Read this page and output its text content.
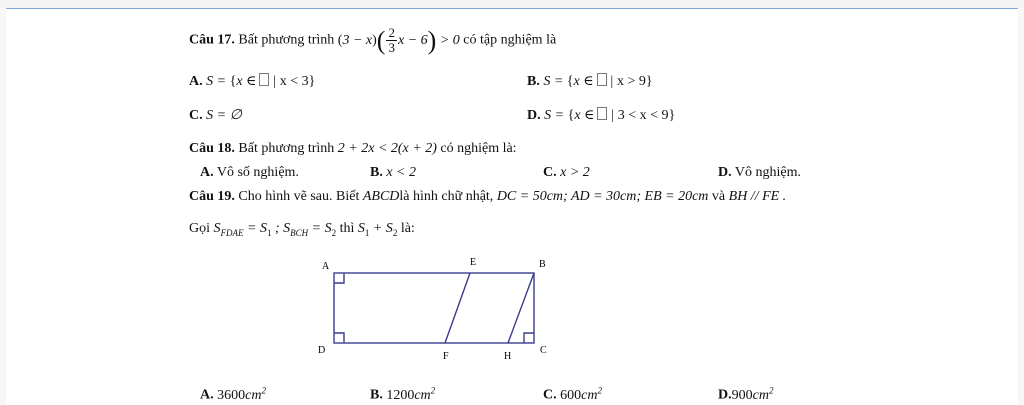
Câu 17. Bất phương trình $(3 - x)( \frac{2}{3}$ x − 6) > 0 có tập nghiệm là
A. S = {x ∈ | x < 3}	B. S = {x ∈ | x > 9}
C. S = ∅	D. S = {x ∈ | 3 < x < 9}
Câu 18. Bất phương trình 2 + 2x < 2(x + 2) có nghiệm là:
A. Vô số nghiệm.	B. x < 2	C. x > 2	D. Vô nghiệm.
Câu 19. Cho hình vẽ sau. Biết ABCDlà hình chữ nhật, DC = 50cm; AD = 30cm; EB = 20cm và BH // FE .
Gọi $S_{FDAE} = S_1$ ; $S_{BCH} = S_2$ thì $S_1 + S_2$ là:
A	E	B
D
F	H
C
A. $3600cm^2$	B. $1200cm^2$	C. $600cm^2$	$D.900cm^2$
